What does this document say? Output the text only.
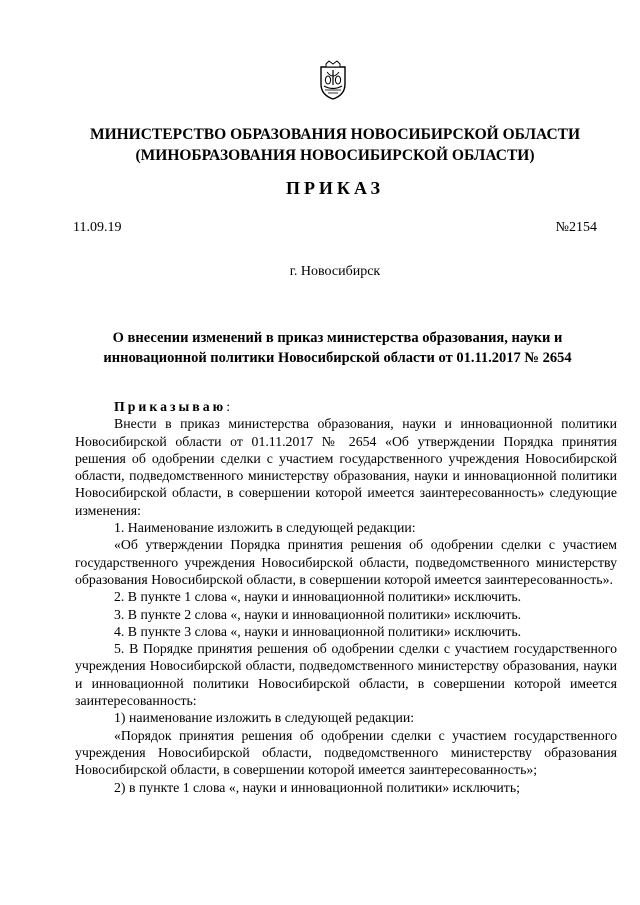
МИНИСТЕРСТВО ОБРАЗОВАНИЯ НОВОСИБИРСКОЙ ОБЛАСТИ
(МИНОБРАЗОВАНИЯ НОВОСИБИРСКОЙ ОБЛАСТИ)
ПРИКАЗ
11.09.19	№2154
г. Новосибирск
О внесении изменений в приказ министерства образования, науки и
инновационной политики Новосибирской области от 01.11.2017 № 2654
Приказываю:

Внести в приказ министерства образования, науки и инновационной политики Новосибирской области от 01.11.2017 № 2654 «Об утверждении Порядка принятия решения об одобрении сделки с участием государственного учреждения Новосибирской области, подведомственного министерству образования, науки и инновационной политики Новосибирской области, в совершении которой имеется заинтересованность» следующие изменения:

1. Наименование изложить в следующей редакции:

«Об утверждении Порядка принятия решения об одобрении сделки с участием государственного учреждения Новосибирской области, подведомственного министерству образования Новосибирской области, в совершении которой имеется заинтересованность».

2. В пункте 1 слова «, науки и инновационной политики» исключить.

3. В пункте 2 слова «, науки и инновационной политики» исключить.

4. В пункте 3 слова «, науки и инновационной политики» исключить.

5. В Порядке принятия решения об одобрении сделки с участием государственного учреждения Новосибирской области, подведомственного министерству образования, науки и инновационной политики Новосибирской области, в совершении которой имеется заинтересованность:

1) наименование изложить в следующей редакции:

«Порядок принятия решения об одобрении сделки с участием государственного учреждения Новосибирской области, подведомственного министерству образования Новосибирской области, в совершении которой имеется заинтересованность»;

2) в пункте 1 слова «, науки и инновационной политики» исключить;
